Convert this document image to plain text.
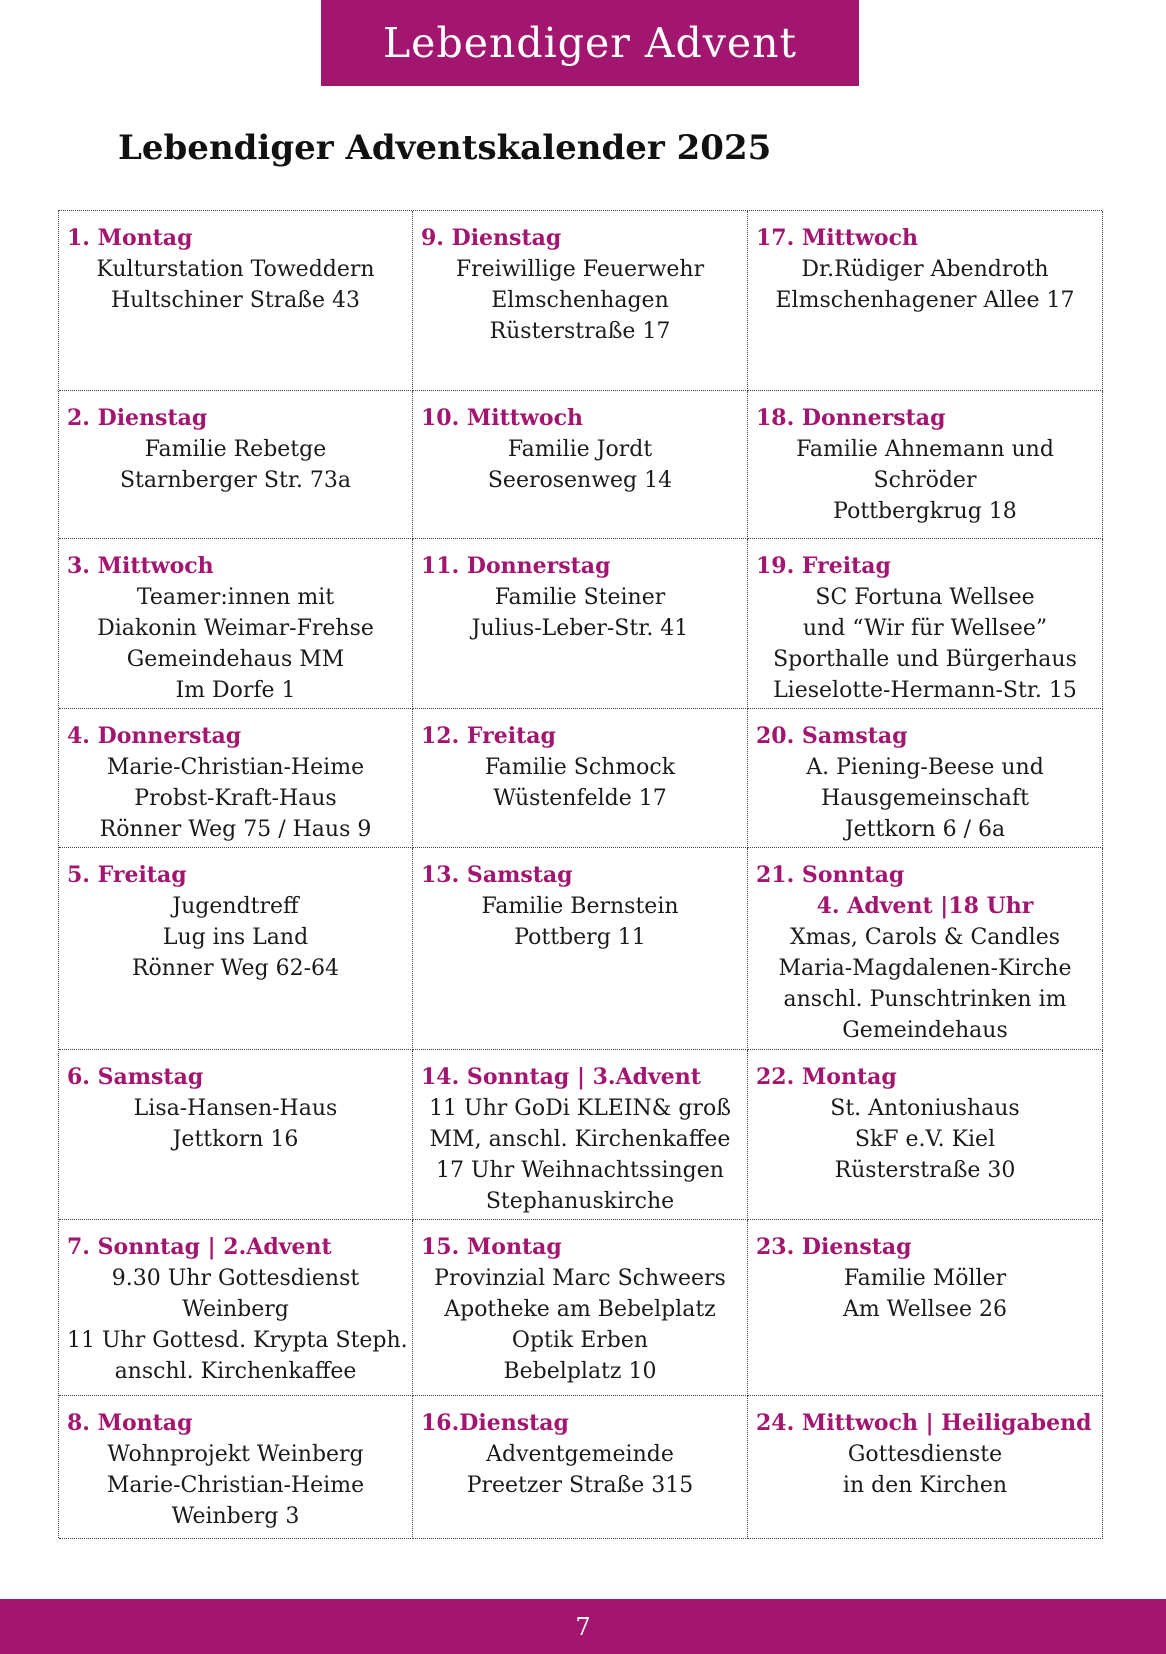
Lebendiger Advent
Lebendiger Adventskalender 2025
1. Montag
Kulturstation Toweddern
Hultschiner Straße 43
9. Dienstag
Freiwillige Feuerwehr
Elmschenhagen
Rüsterstraße 17
17. Mittwoch
Dr.Rüdiger Abendroth
Elmschenhagener Allee 17
2. Dienstag
Familie Rebetge
Starnberger Str. 73a
10. Mittwoch
Familie Jordt
Seerosenweg 14
18. Donnerstag
Familie Ahnemann und
Schröder
Pottbergkrug 18
3. Mittwoch
Teamer:innen mit
Diakonin Weimar-Frehse
Gemeindehaus MM
Im Dorfe 1
11. Donnerstag
Familie Steiner
Julius-Leber-Str. 41
19. Freitag
SC Fortuna Wellsee
und “Wir für Wellsee”
Sporthalle und Bürgerhaus
Lieselotte-Hermann-Str. 15
4. Donnerstag
Marie-Christian-Heime
Probst-Kraft-Haus
Rönner Weg 75 / Haus 9
12. Freitag
Familie Schmock
Wüstenfelde 17
20. Samstag
A. Piening-Beese und
Hausgemeinschaft
Jettkorn 6 / 6a
5. Freitag
Jugendtreff
Lug ins Land
Rönner Weg 62-64
13. Samstag
Familie Bernstein
Pottberg 11
21. Sonntag
4. Advent |18 Uhr
Xmas, Carols & Candles
Maria-Magdalenen-Kirche
anschl. Punschtrinken im
Gemeindehaus
6. Samstag
Lisa-Hansen-Haus
Jettkorn 16
14. Sonntag | 3.Advent
11 Uhr GoDi KLEIN& groß
MM, anschl. Kirchenkaffee
17 Uhr Weihnachtssingen
Stephanuskirche
22. Montag
St. Antoniushaus
SkF e.V. Kiel
Rüsterstraße 30
7. Sonntag | 2.Advent
9.30 Uhr Gottesdienst
Weinberg
11 Uhr Gottesd. Krypta Steph.
anschl. Kirchenkaffee
15. Montag
Provinzial Marc Schweers
Apotheke am Bebelplatz
Optik Erben
Bebelplatz 10
23. Dienstag
Familie Möller
Am Wellsee 26
8. Montag
Wohnprojekt Weinberg
Marie-Christian-Heime
Weinberg 3
16.Dienstag
Adventgemeinde
Preetzer Straße 315
24. Mittwoch | Heiligabend
Gottesdienste
in den Kirchen
7
